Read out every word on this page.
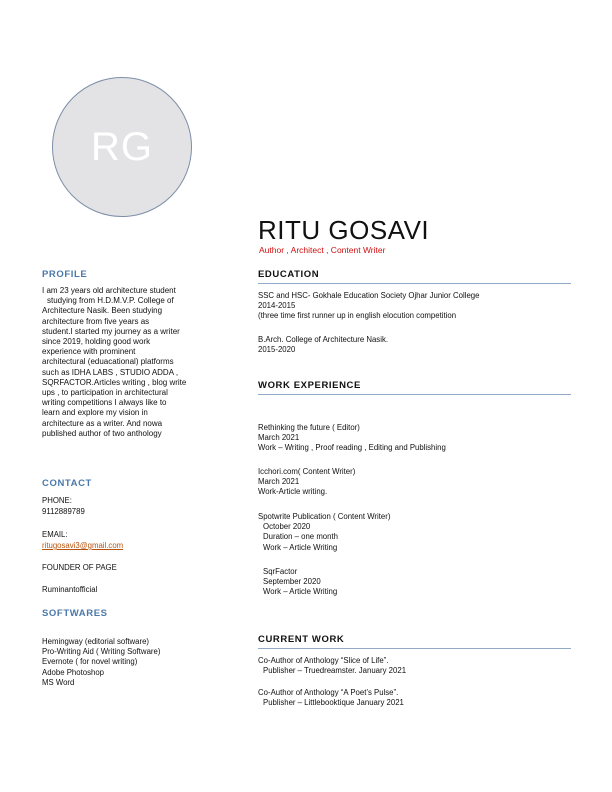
RG
RITU GOSAVI
Author , Architect , Content Writer
PROFILE
I am 23 years old architecture student
studying from H.D.M.V.P. College of
Architecture Nasik. Been studying
architecture from five years as
student.I started my journey as a writer
since 2019, holding good work
experience with prominent
architectural (eduacational) platforms
such as IDHA LABS , STUDIO ADDA ,
SQRFACTOR.Articles writing , blog write
ups , to participation in architectural
writing competitions I always like to
learn and explore my vision in
architecture as a writer. And nowa
published author of two anthology
CONTACT
PHONE:
9112889789
EMAIL:
ritugosavi3@gmail.com
FOUNDER OF PAGE
Ruminantofficial
SOFTWARES
Hemingway (editorial software)
Pro-Writing Aid ( Writing Software)
Evernote ( for novel writing)
Adobe Photoshop
MS Word
EDUCATION
SSC and HSC- Gokhale Education Society Ojhar Junior College
2014-2015
(three time first runner up in english elocution competition
B.Arch. College of Architecture Nasik.
2015-2020
WORK EXPERIENCE
Rethinking the future ( Editor)
March 2021
Work – Writing , Proof reading , Editing and Publishing
Icchori.com( Content Writer)
March 2021
Work-Article writing.
Spotwrite Publication ( Content Writer)
October 2020
Duration – one month
Work – Article Writing
SqrFactor
September 2020
Work – Article Writing
CURRENT WORK
Co-Author of Anthology “Slice of Life”.
Publisher – Truedreamster. January 2021
Co-Author of Anthology “A Poet’s Pulse”.
Publisher – Littlebooktique January 2021
